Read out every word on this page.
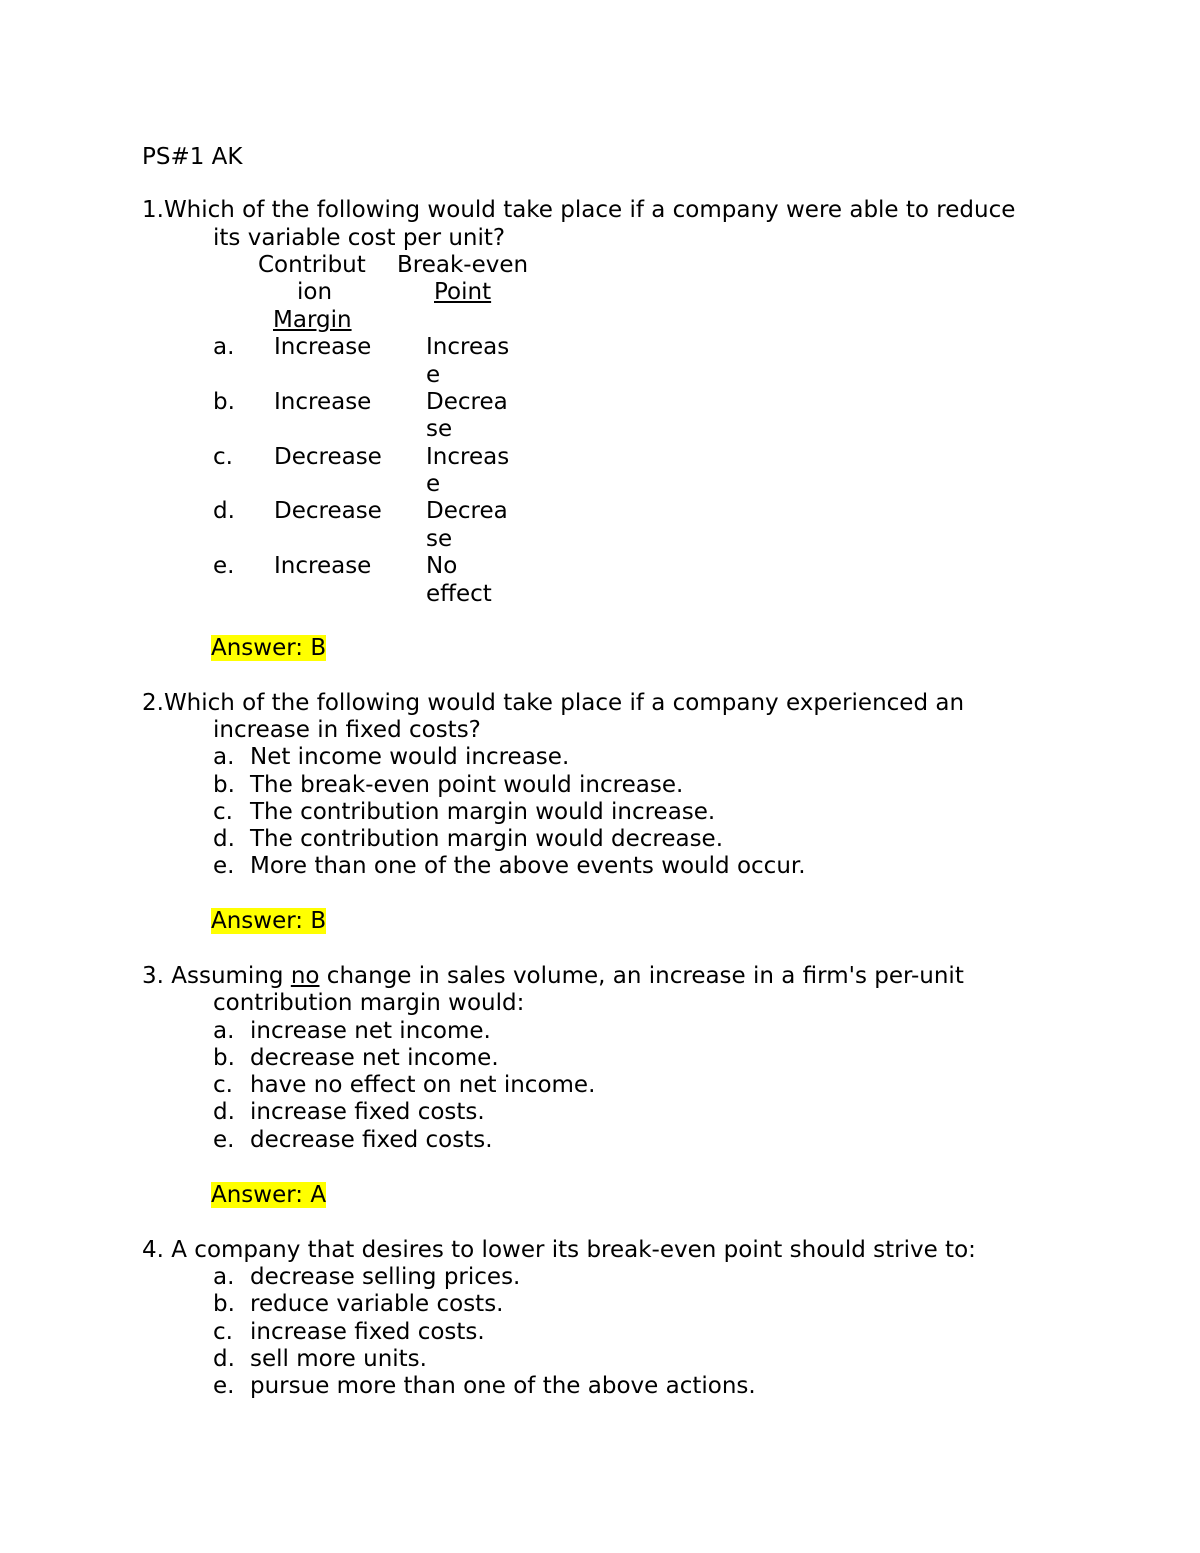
PS#1 AK
1.Which of the following would take place if a company were able to reduce
its variable cost per unit?
Contribut
ion
Margin
Break-even
Point
a. Increase Increas
e
b. Increase Decrea
se
c. Decrease Increas
e
d. Decrease Decrea
se
e. Increase No
effect
Answer: B
2.Which of the following would take place if a company experienced an
increase in fixed costs?
a. Net income would increase.
b. The break-even point would increase.
c. The contribution margin would increase.
d. The contribution margin would decrease.
e. More than one of the above events would occur.
Answer: B
3. Assuming no change in sales volume, an increase in a firm's per-unit
contribution margin would:
a. increase net income.
b. decrease net income.
c. have no effect on net income.
d. increase fixed costs.
e. decrease fixed costs.
Answer: A
4. A company that desires to lower its break-even point should strive to:
a. decrease selling prices.
b. reduce variable costs.
c. increase fixed costs.
d. sell more units.
e. pursue more than one of the above actions.
